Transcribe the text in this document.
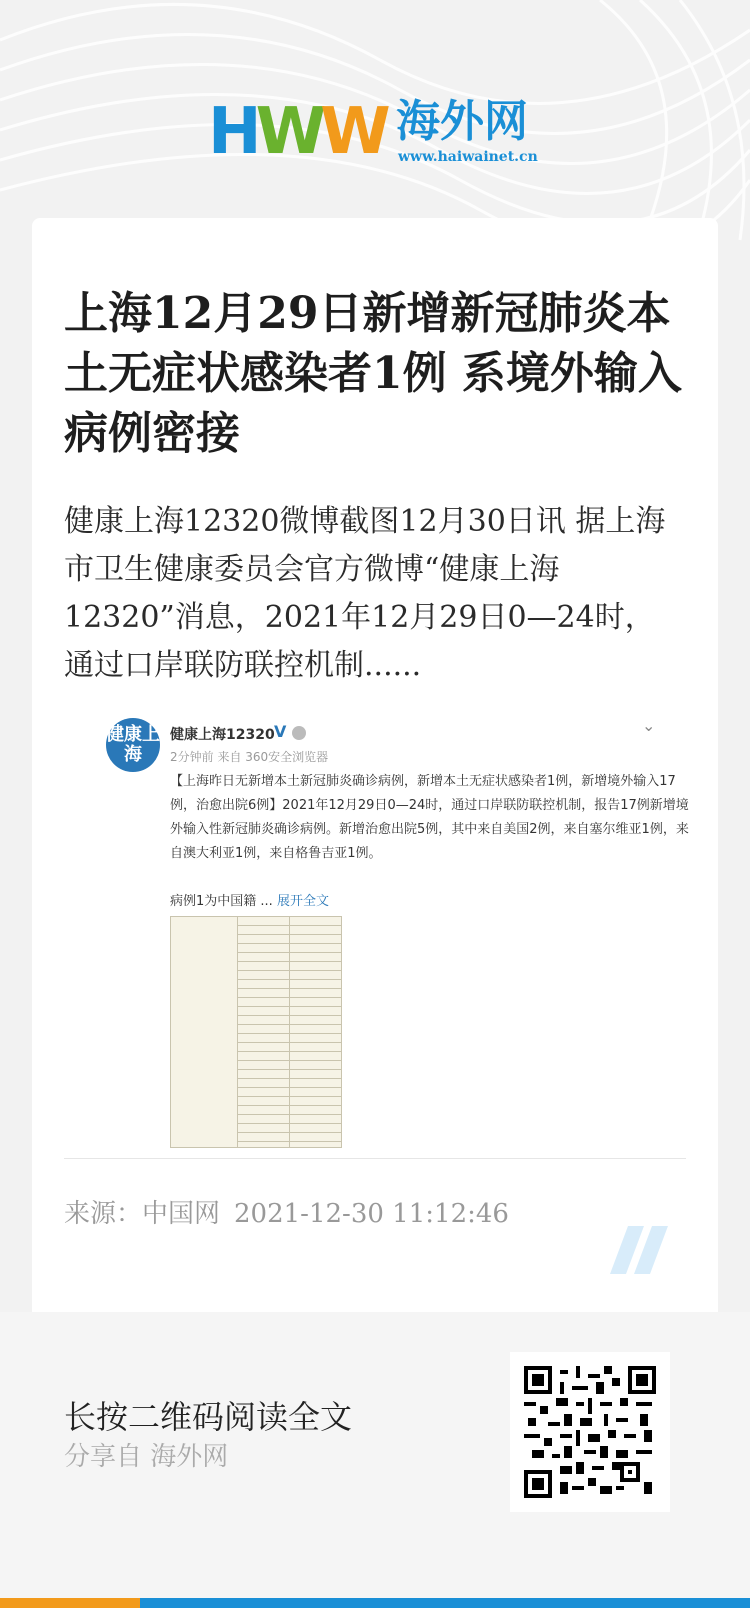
HWW 海外网
www.haiwainet.cn
上海12月29日新增新冠肺炎本土无症状感染者1例 系境外输入病例密接
健康上海12320微博截图12月30日讯 据上海市卫生健康委员会官方微博“健康上海12320”消息，2021年12月29日0—24时，通过口岸联防联控机制......
健康上海
健康上海12320 V	⌄
2分钟前 来自 360安全浏览器
【上海昨日无新增本土新冠肺炎确诊病例，新增本土无症状感染者1例，新增境外输入17例，治愈出院6例】2021年12月29日0—24时，通过口岸联防联控机制，报告17例新增境外输入性新冠肺炎确诊病例。新增治愈出院5例，其中来自美国2例，来自塞尔维亚1例，来自澳大利亚1例，来自格鲁吉亚1例。
病例1为中国籍 ... 展开全文
来源：中国网 2021-12-30 11:12:46
长按二维码阅读全文
分享自 海外网
